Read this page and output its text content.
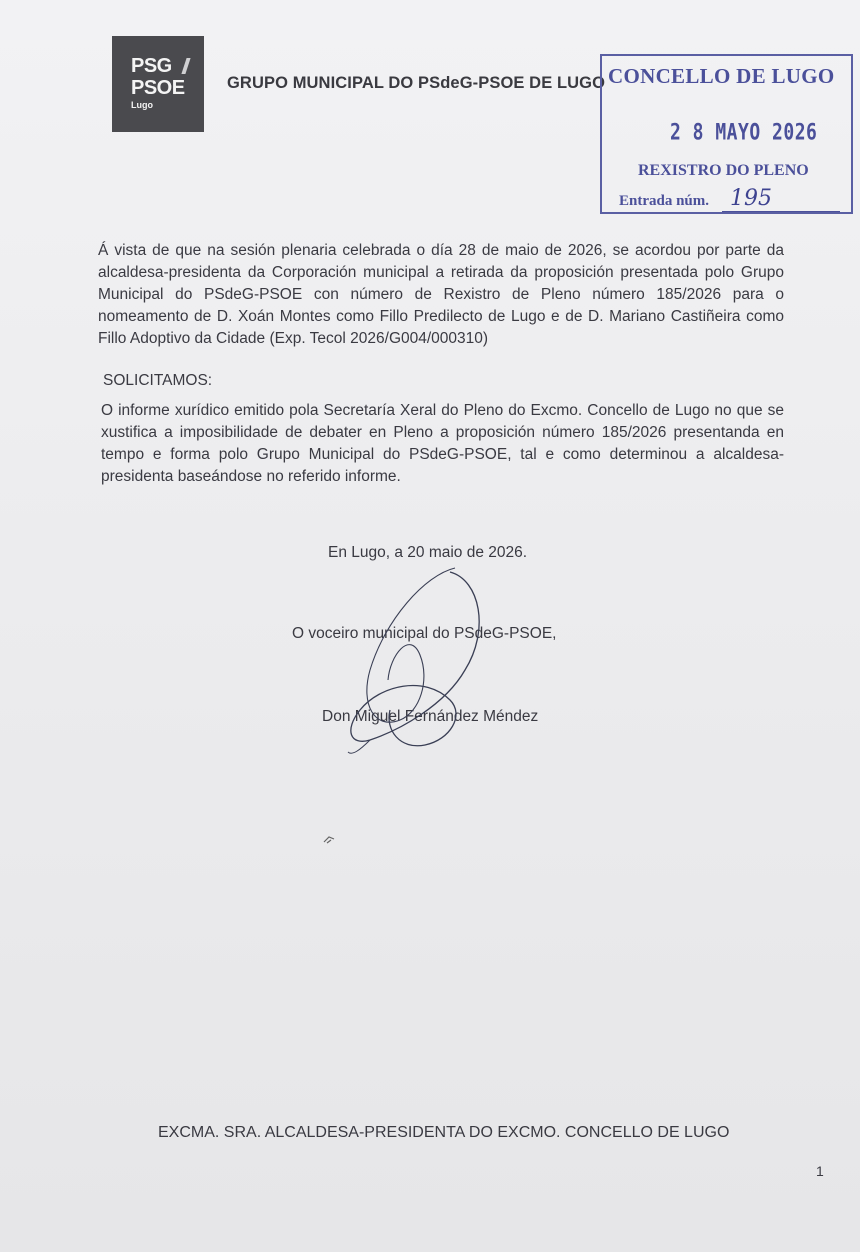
PSG
PSOE
Lugo
GRUPO MUNICIPAL DO PSdeG-PSOE DE LUGO CONCELLO DE LUGO
2 8 MAYO 2026
REXISTRO DO PLENO
Entrada núm. 195

Á vista de que na sesión plenaria celebrada o día 28 de maio de 2026, se acordou por parte da alcaldesa-presidenta da Corporación municipal a retirada da proposición presentada polo Grupo Municipal do PSdeG-PSOE con número de Rexistro de Pleno número 185/2026 para o nomeamento de D. Xoán Montes como Fillo Predilecto de Lugo e de D. Mariano Castiñeira como Fillo Adoptivo da Cidade (Exp. Tecol 2026/G004/000310)

SOLICITAMOS:

O informe xurídico emitido pola Secretaría Xeral do Pleno do Excmo. Concello de Lugo no que se xustifica a imposibilidade de debater en Pleno a proposición número 185/2026 presentanda en tempo e forma polo Grupo Municipal do PSdeG-PSOE, tal e como determinou a alcaldesa-presidenta baseándose no referido informe.

En Lugo, a 20 maio de 2026.
O voceiro municipal do PSdeG-PSOE,
Don Miguel Fernández Méndez
EXCMA. SRA. ALCALDESA-PRESIDENTA DO EXCMO. CONCELLO DE LUGO
1
